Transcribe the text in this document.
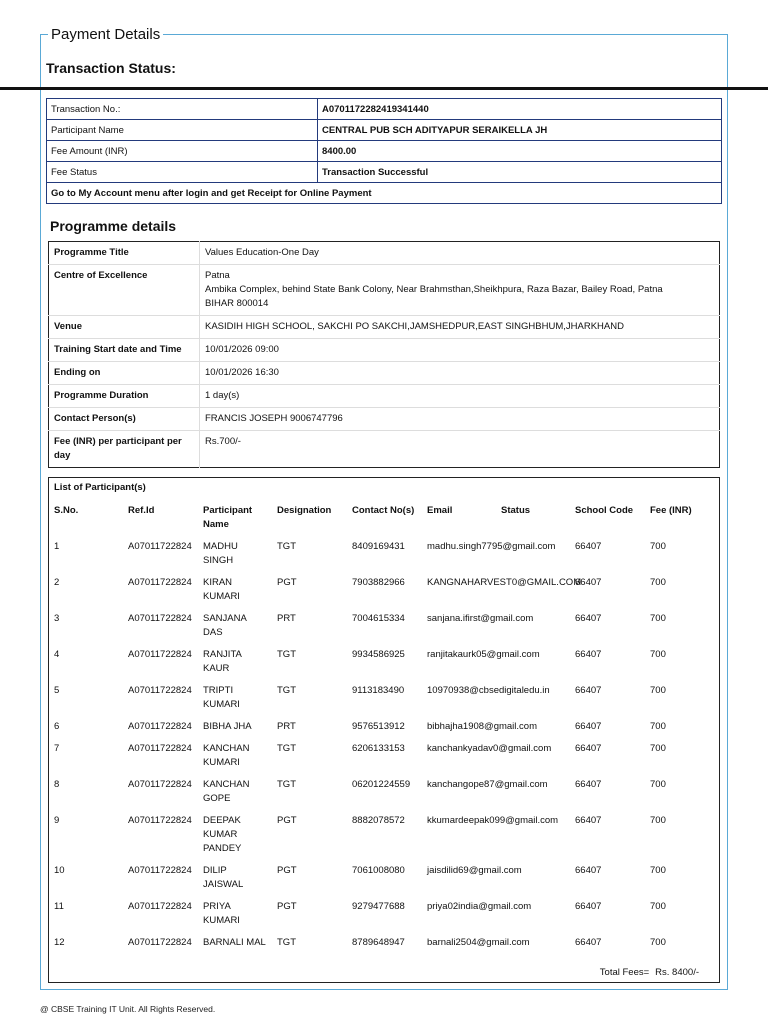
Payment Details
Transaction Status:
Transaction No.:	A0701172282419341440
Participant Name	CENTRAL PUB SCH ADITYAPUR SERAIKELLA JH
Fee Amount (INR)	8400.00
Fee Status	Transaction Successful
Go to My Account menu after login and get Receipt for Online Payment	
Programme details
Programme Title	Values Education-One Day
Centre of Excellence	Patna
Ambika Complex, behind State Bank Colony, Near Brahmsthan,Sheikhpura, Raza Bazar, Bailey Road, Patna
BIHAR 800014

Venue	KASIDIH HIGH SCHOOL, SAKCHI PO SAKCHI,JAMSHEDPUR,EAST SINGHBHUM,JHARKHAND
Training Start date and Time	10/01/2026 09:00
Ending on	10/01/2026 16:30
Programme Duration	1 day(s)
Contact Person(s)	FRANCIS JOSEPH 9006747796
Fee (INR) per participant per day	Rs.700/-
List of Participant(s)
S.No.	Ref.Id	Participant Name	Designation	Contact No(s)	Email	Status	School Code	Fee (INR)
1	A07011722824	MADHU SINGH	TGT	8409169431	madhu.singh7795@gmail.com		66407	700
2	A07011722824	KIRAN KUMARI	PGT	7903882966	KANGNAHARVEST0@GMAIL.COM		66407	700
3	A07011722824	SANJANA DAS	PRT	7004615334	sanjana.ifirst@gmail.com		66407	700
4	A07011722824	RANJITA KAUR	TGT	9934586925	ranjitakaurk05@gmail.com		66407	700
5	A07011722824	TRIPTI KUMARI	TGT	9113183490	10970938@cbsedigitaledu.in		66407	700
6	A07011722824	BIBHA JHA	PRT	9576513912	bibhajha1908@gmail.com		66407	700
7	A07011722824	KANCHAN KUMARI	TGT	6206133153	kanchankyadav0@gmail.com		66407	700
8	A07011722824	KANCHAN GOPE	TGT	06201224559	kanchangope87@gmail.com		66407	700
9	A07011722824	DEEPAK KUMAR PANDEY	PGT	8882078572	kkumardeepak099@gmail.com		66407	700
10	A07011722824	DILIP JAISWAL	PGT	7061008080	jaisdilid69@gmail.com		66407	700
11	A07011722824	PRIYA KUMARI	PGT	9279477688	priya02india@gmail.com		66407	700
12	A07011722824	BARNALI MAL	TGT	8789648947	barnali2504@gmail.com		66407	700
Total Fees= Rs. 8400/-
@ CBSE Training IT Unit. All Rights Reserved.
